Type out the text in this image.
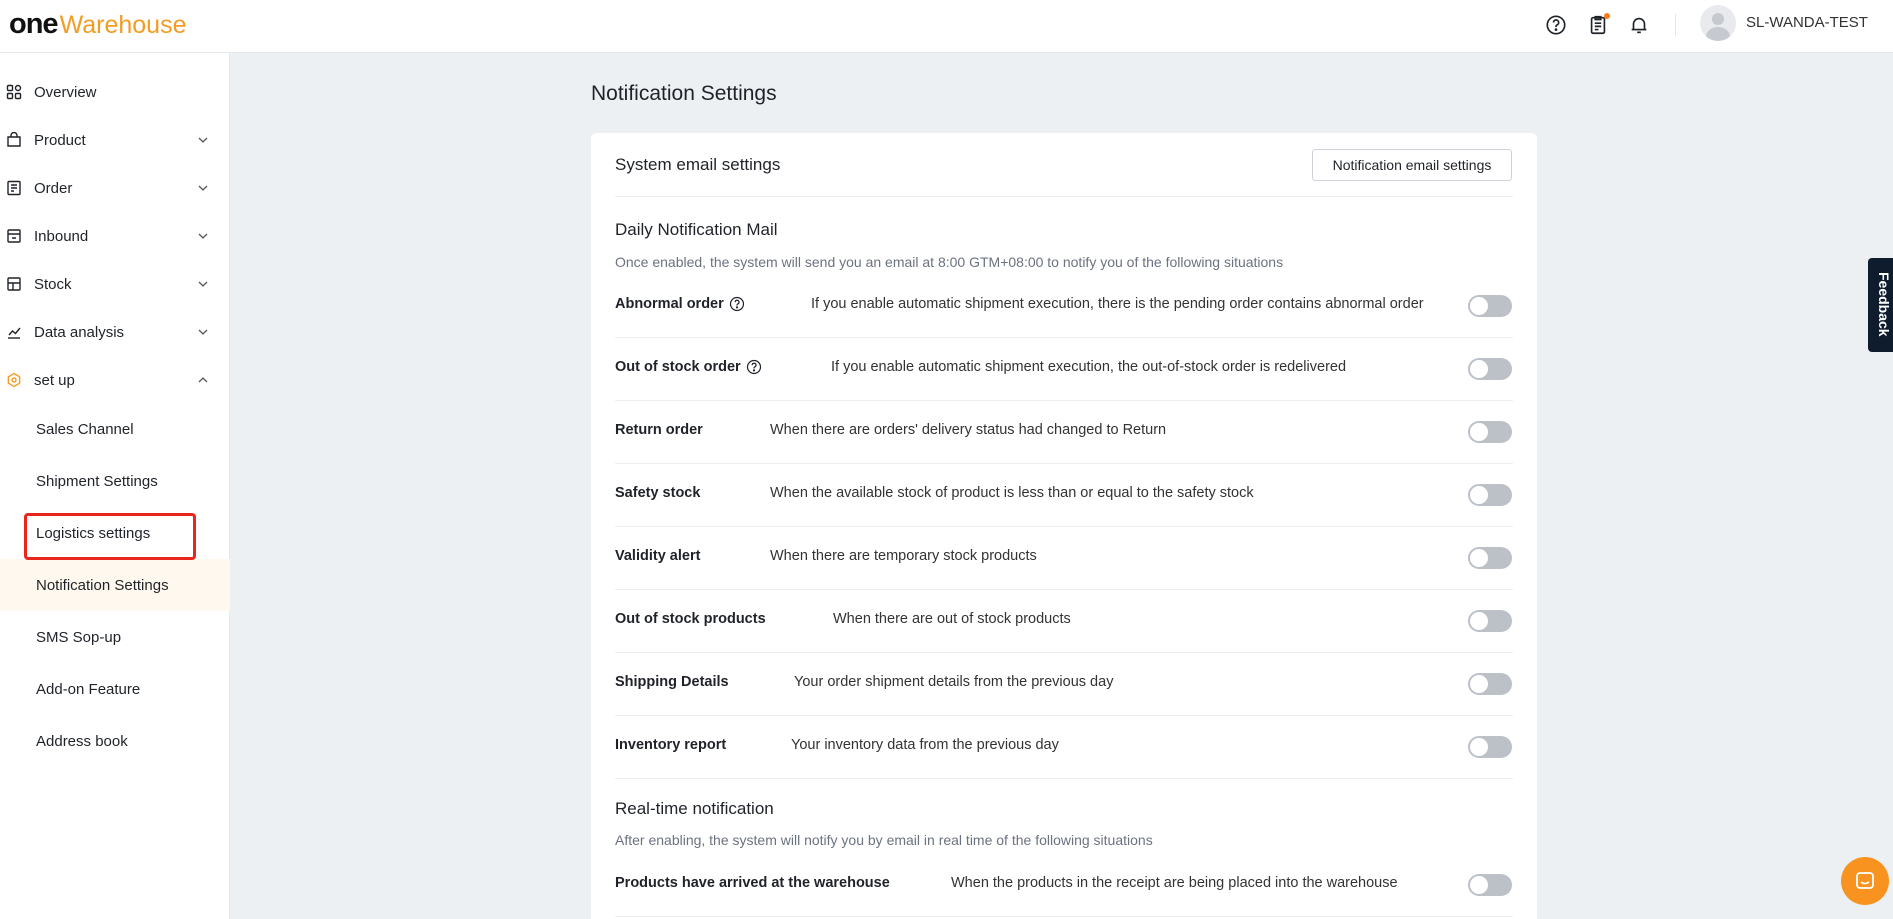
one Warehouse	SL-WANDA-TEST
Overview
Product
Order
Inbound
Stock
Data analysis
set up
Sales Channel
Shipment Settings
Logistics settings
Notification Settings
SMS Sop-up
Add-on Feature
Address book
Notification Settings
System email settings	Notification email settings
Daily Notification Mail
Once enabled, the system will send you an email at 8:00 GTM+08:00 to notify you of the following situations
Abnormal order	If you enable automatic shipment execution, there is the pending order contains abnormal order
Out of stock order	If you enable automatic shipment execution, the out-of-stock order is redelivered
Return order	When there are orders' delivery status had changed to Return
Safety stock	When the available stock of product is less than or equal to the safety stock
Validity alert	When there are temporary stock products
Out of stock products	When there are out of stock products
Shipping Details	Your order shipment details from the previous day
Inventory report	Your inventory data from the previous day
Real-time notification
After enabling, the system will notify you by email in real time of the following situations
Products have arrived at the warehouse	When the products in the receipt are being placed into the warehouse
Feedback
